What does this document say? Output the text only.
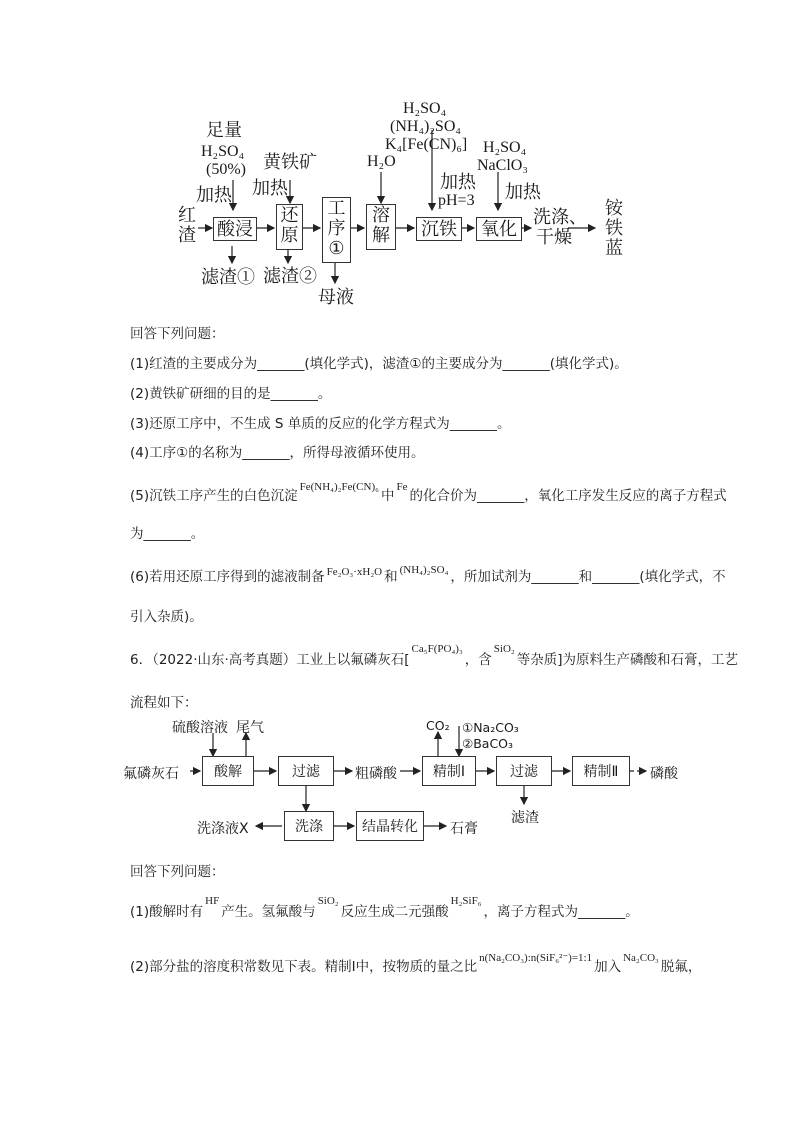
红
渣
足量
H₂SO₄
(50%)
加热
酸浸
滤渣①
黄铁矿
加热
还
原
滤渣②
工
序
①
母液
H₂O
溶
解
H₂SO₄
(NH₄)₂SO₄
K₄[Fe(CN)₆]
加热
pH=3
沉铁
H₂SO₄
NaClO₃
加热
氧化
洗涤、
干燥
铵
铁
蓝
回答下列问题：
(1)红渣的主要成分为_______(填化学式)，滤渣①的主要成分为_______(填化学式)。
(2)黄铁矿研细的目的是_______。
(3)还原工序中，不生成 S 单质的反应的化学方程式为_______。
(4)工序①的名称为_______，所得母液循环使用。
(5)沉铁工序产生的白色沉淀$^{Fe(NH_4)_2Fe(CN)_6}$中$^{Fe}$的化合价为_______，氧化工序发生反应的离子方程式
为_______。
(6)若用还原工序得到的滤液制备 $^{Fe_2O_3\cdot xH_2O}$ 和 $^{(NH_4)_2SO_4}$ ，所加试剂为_______和_______(填化学式，不
引入杂质)。
6．（2022·山东·高考真题）工业上以氟磷灰石[$^{Ca_5F(PO_4)_3}$，含$^{SiO_2}$等杂质]为原料生产磷酸和石膏，工艺
流程如下：
氟磷灰石
硫酸溶液 尾气
酸解	过滤	粗磷酸
CO₂ ①Na₂CO₃
②BaCO₃
精制Ⅰ	过滤
滤渣
精制Ⅱ	磷酸
洗涤
洗涤液X	结晶转化	石膏
回答下列问题：
(1)酸解时有$^{HF}$产生。氢氟酸与$^{SiO_2}$反应生成二元强酸$^{H_2SiF_6}$，离子方程式为_______。
(2)部分盐的溶度积常数见下表。精制Ⅰ中，按物质的量之比$^{n(Na_2CO_3):n(SiF_6^{2-})=1:1}$加入$^{Na_2CO_3}$脱氟，
